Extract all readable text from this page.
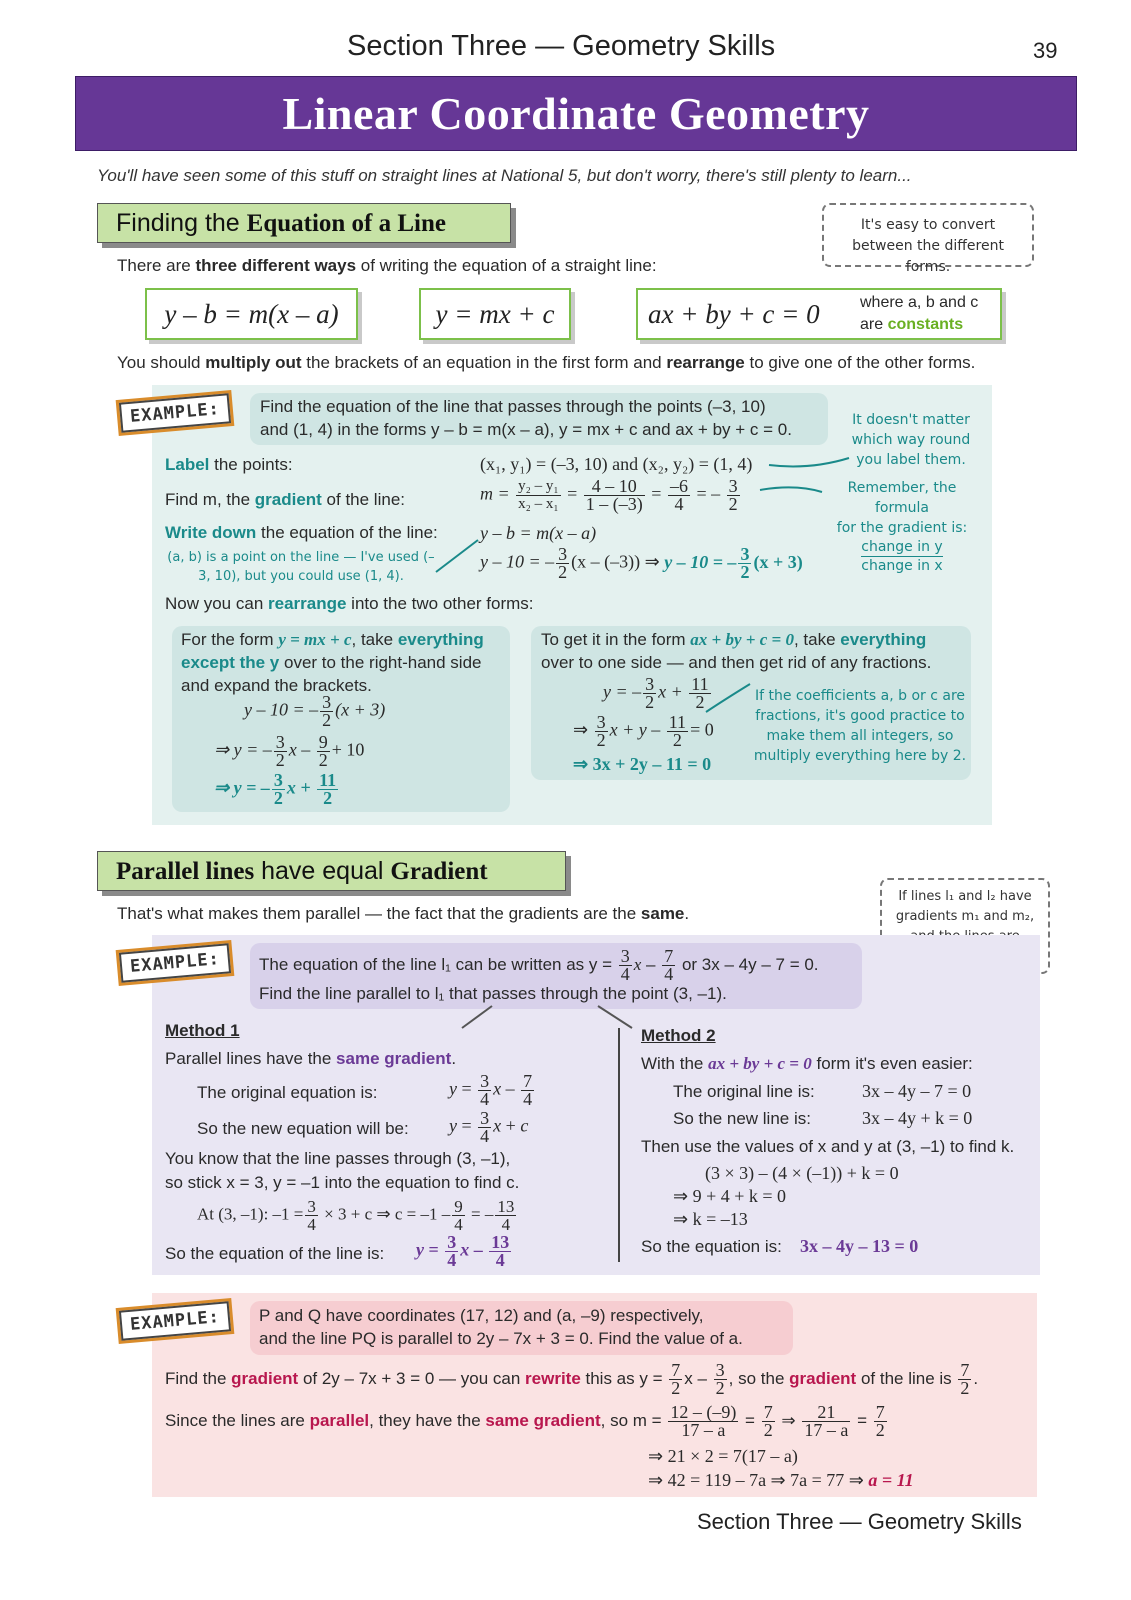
Section Three — Geometry Skills	39
Linear Coordinate Geometry
You'll have seen some of this stuff on straight lines at National 5, but don't worry, there's still plenty to learn...
Finding the Equation of a Line	It's easy to convert between the different forms.
There are three different ways of writing the equation of a straight line:
y – b = m(x – a)	y = mx + c	ax + by + c = 0	where a, b and c
are constants
You should multiply out the brackets of an equation in the first form and rearrange to give one of the other forms.
EXAMPLE:	Find the equation of the line that passes through the points (–3, 10)
and (1, 4) in the forms y – b = m(x – a), y = mx + c and ax + by + c = 0.	It doesn't matter which way round you label them.
Label the points:	(x₁, y₁) = (–3, 10) and (x₂, y₂) = (1, 4)
Find m, the gradient of the line:	$m = \frac{\text{y₂ – y₁}}{\text{x₂ – x₁}} = \frac{4 - 10}{1 - (-3)} = \frac{-6}{4}$ = – $\frac{3}{2}$	Remember, the formula
for the gradient is:
change in y
change in x
Write down the equation of the line: y – b = m(x – a)
(a, b) is a point on the line — I've used (–3, 10), but you could use (1, 4).
y – 10 = – $\frac{3}{2} (x - (-3))$ ⇒ y – 10 = – $\frac{3}{2} (x + 3)$
Now you can rearrange into the two other forms:
For the form y = mx + c, take everything
except the y over to the right-hand side
and expand the brackets.
y – 10 = – $\frac{3}{2} (x + 3)$
⇒ y = – $\frac{3}{2}$ $x - \frac{9}{2} + 10$
⇒ y = – $\frac{3}{2}$ $x + \frac{11}{2}$
To get it in the form ax + by + c = 0, take everything
over to one side — and then get rid of any fractions.
y = – $\frac{3}{2}$ $x + \frac{11}{2}$
⇒ $\frac{3}{2}$ $x + y - \frac{11}{2} = 0$
⇒ 3x + 2y – 11 = 0
If the coefficients a, b or c are fractions, it's good practice to make them all integers, so multiply everything here by 2.
Parallel lines have equal Gradient
If lines l₁ and l₂ have gradients m₁ and m₂,
That's what makes them parallel — the fact that the gradients are the same.
EXAMPLE:	The equation of the line l₁ can be written as $y = \frac{3}{4}$ x – $\frac{7}{4}$ or 3x – 4y – 7 = 0.
Find the line parallel to l₁ that passes through the point (3, –1).
Method 1
Parallel lines have the same gradient.
The original equation is:	$y = \frac{3}{4}$ x – $\frac{7}{4}$
So the new equation will be: $y = \frac{3}{4}$ x + c
You know that the line passes through (3, –1),
so stick x = 3, y = –1 into the equation to find c.
At (3, –1): $-1 = \frac{3}{4} \times 3 + c$ ⇒ $c = -1 - \frac{9}{4}$ = – $\frac{13}{4}$
So the equation of the line is: $y = \frac{3}{4}$ x – $\frac{13}{4}$
Method 2
With the ax + by + c = 0 form it's even easier:
The original line is:	3x – 4y – 7 = 0
So the new line is:	3x – 4y + k = 0
Then use the values of x and y at (3, –1) to find k.
(3 × 3) – (4 × (–1)) + k = 0
⇒ 9 + 4 + k = 0
⇒ k = –13
So the equation is: 3x – 4y – 13 = 0
EXAMPLE:	P and Q have coordinates (17, 12) and (a, –9) respectively,
and the line PQ is parallel to 2y – 7x + 3 = 0. Find the value of a.
Find the gradient of 2y – 7x + 3 = 0 — you can rewrite this as $y = \frac{7}{2}$ x – $\frac{3}{2}$ , so the gradient of the line is $\frac{7}{2}$ .
Since the lines are parallel, they have the same gradient, so $m = \frac{12 - (-9)}{17 - a} = \frac{7}{2}$ ⇒ $\frac{21}{17 - a} = \frac{7}{2}$
⇒ 21 × 2 = 7(17 – a)
⇒ 42 = 119 – 7a ⇒ 7a = 77 ⇒ a = 11
Section Three — Geometry Skills
